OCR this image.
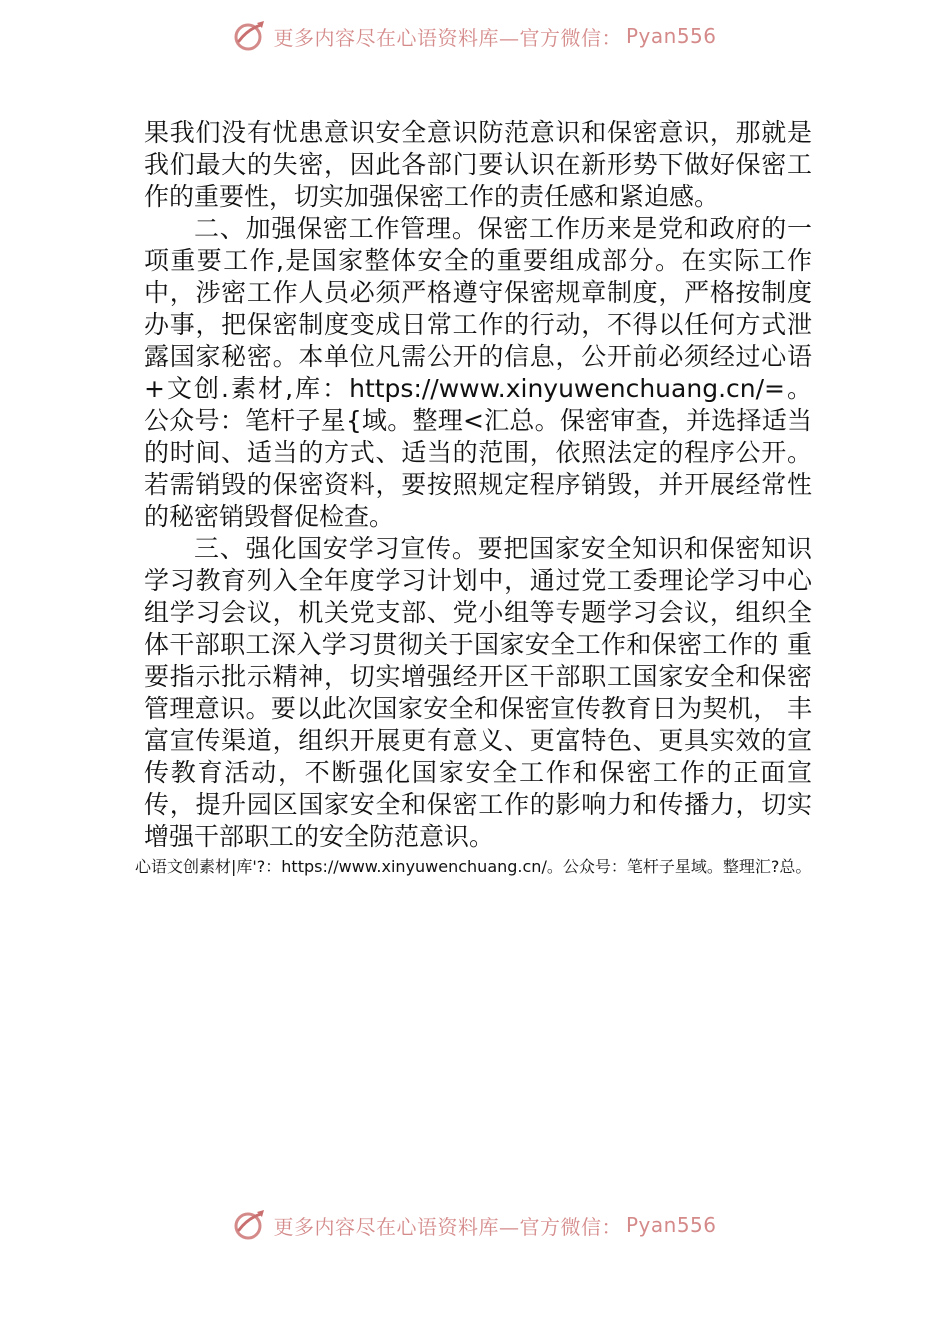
更多内容尽在心语资料库—官方微信： Pyan556

果我们没有忧患意识安全意识防范意识和保密意识，那就是我们最大的失密，因此各部门要认识在新形势下做好保密工作的重要性，切实加强保密工作的责任感和紧迫感。

二、加强保密工作管理。保密工作历来是党和政府的一项重要工作,是国家整体安全的重要组成部分。在实际工作中，涉密工作人员必须严格遵守保密规章制度，严格按制度办事，把保密制度变成日常工作的行动，不得以任何方式泄露国家秘密。本单位凡需公开的信息，公开前必须经过心语+文创.素材,库：https://www.xinyuwenchuang.cn/=。公众号：笔杆子星{域。整理<汇总。保密审查，并选择适当的时间、适当的方式、适当的范围，依照法定的程序公开。若需销毁的保密资料，要按照规定程序销毁，并开展经常性的秘密销毁督促检查。

三、强化国安学习宣传。要把国家安全知识和保密知识学习教育列入全年度学习计划中，通过党工委理论学习中心组学习会议，机关党支部、党小组等专题学习会议，组织全体干部职工深入学习贯彻关于国家安全工作和保密工作的 重要指示批示精神，切实增强经开区干部职工国家安全和保密管理意识。要以此次国家安全和保密宣传教育日为契机， 丰富宣传渠道，组织开展更有意义、更富特色、更具实效的宣传教育活动，不断强化国家安全工作和保密工作的正面宣传，提升园区国家安全和保密工作的影响力和传播力，切实增强干部职工的安全防范意识。

心语文创素材|库'?：https://www.xinyuwenchuang.cn/。公众号：笔杆子星域。整理汇?总。
更多内容尽在心语资料库—官方微信： Pyan556
